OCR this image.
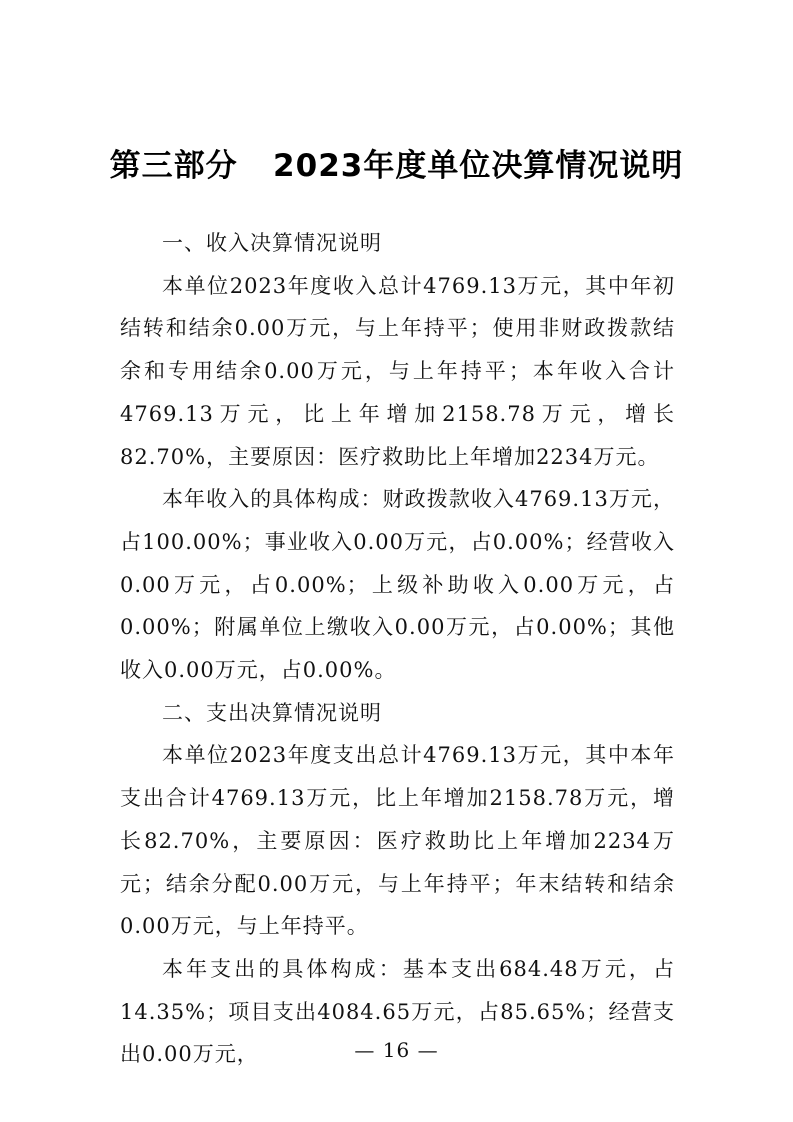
第三部分   2023年度单位决算情况说明

一、收入决算情况说明

本单位2023年度收入总计4769.13万元，其中年初结转和结余0.00万元，与上年持平；使用非财政拨款结余和专用结余0.00万元，与上年持平；本年收入合计4769.13万元，比上年增加2158.78万元，增长82.70%，主要原因：医疗救助比上年增加2234万元。

本年收入的具体构成：财政拨款收入4769.13万元，占100.00%；事业收入0.00万元，占0.00%；经营收入0.00万元，占0.00%；上级补助收入0.00万元，占0.00%；附属单位上缴收入0.00万元，占0.00%；其他收入0.00万元，占0.00%。

二、支出决算情况说明

本单位2023年度支出总计4769.13万元，其中本年支出合计4769.13万元，比上年增加2158.78万元，增长82.70%，主要原因：医疗救助比上年增加2234万元；结余分配0.00万元，与上年持平；年末结转和结余0.00万元，与上年持平。

本年支出的具体构成：基本支出684.48万元，占14.35%；项目支出4084.65万元，占85.65%；经营支出0.00万元，	— 16 —
